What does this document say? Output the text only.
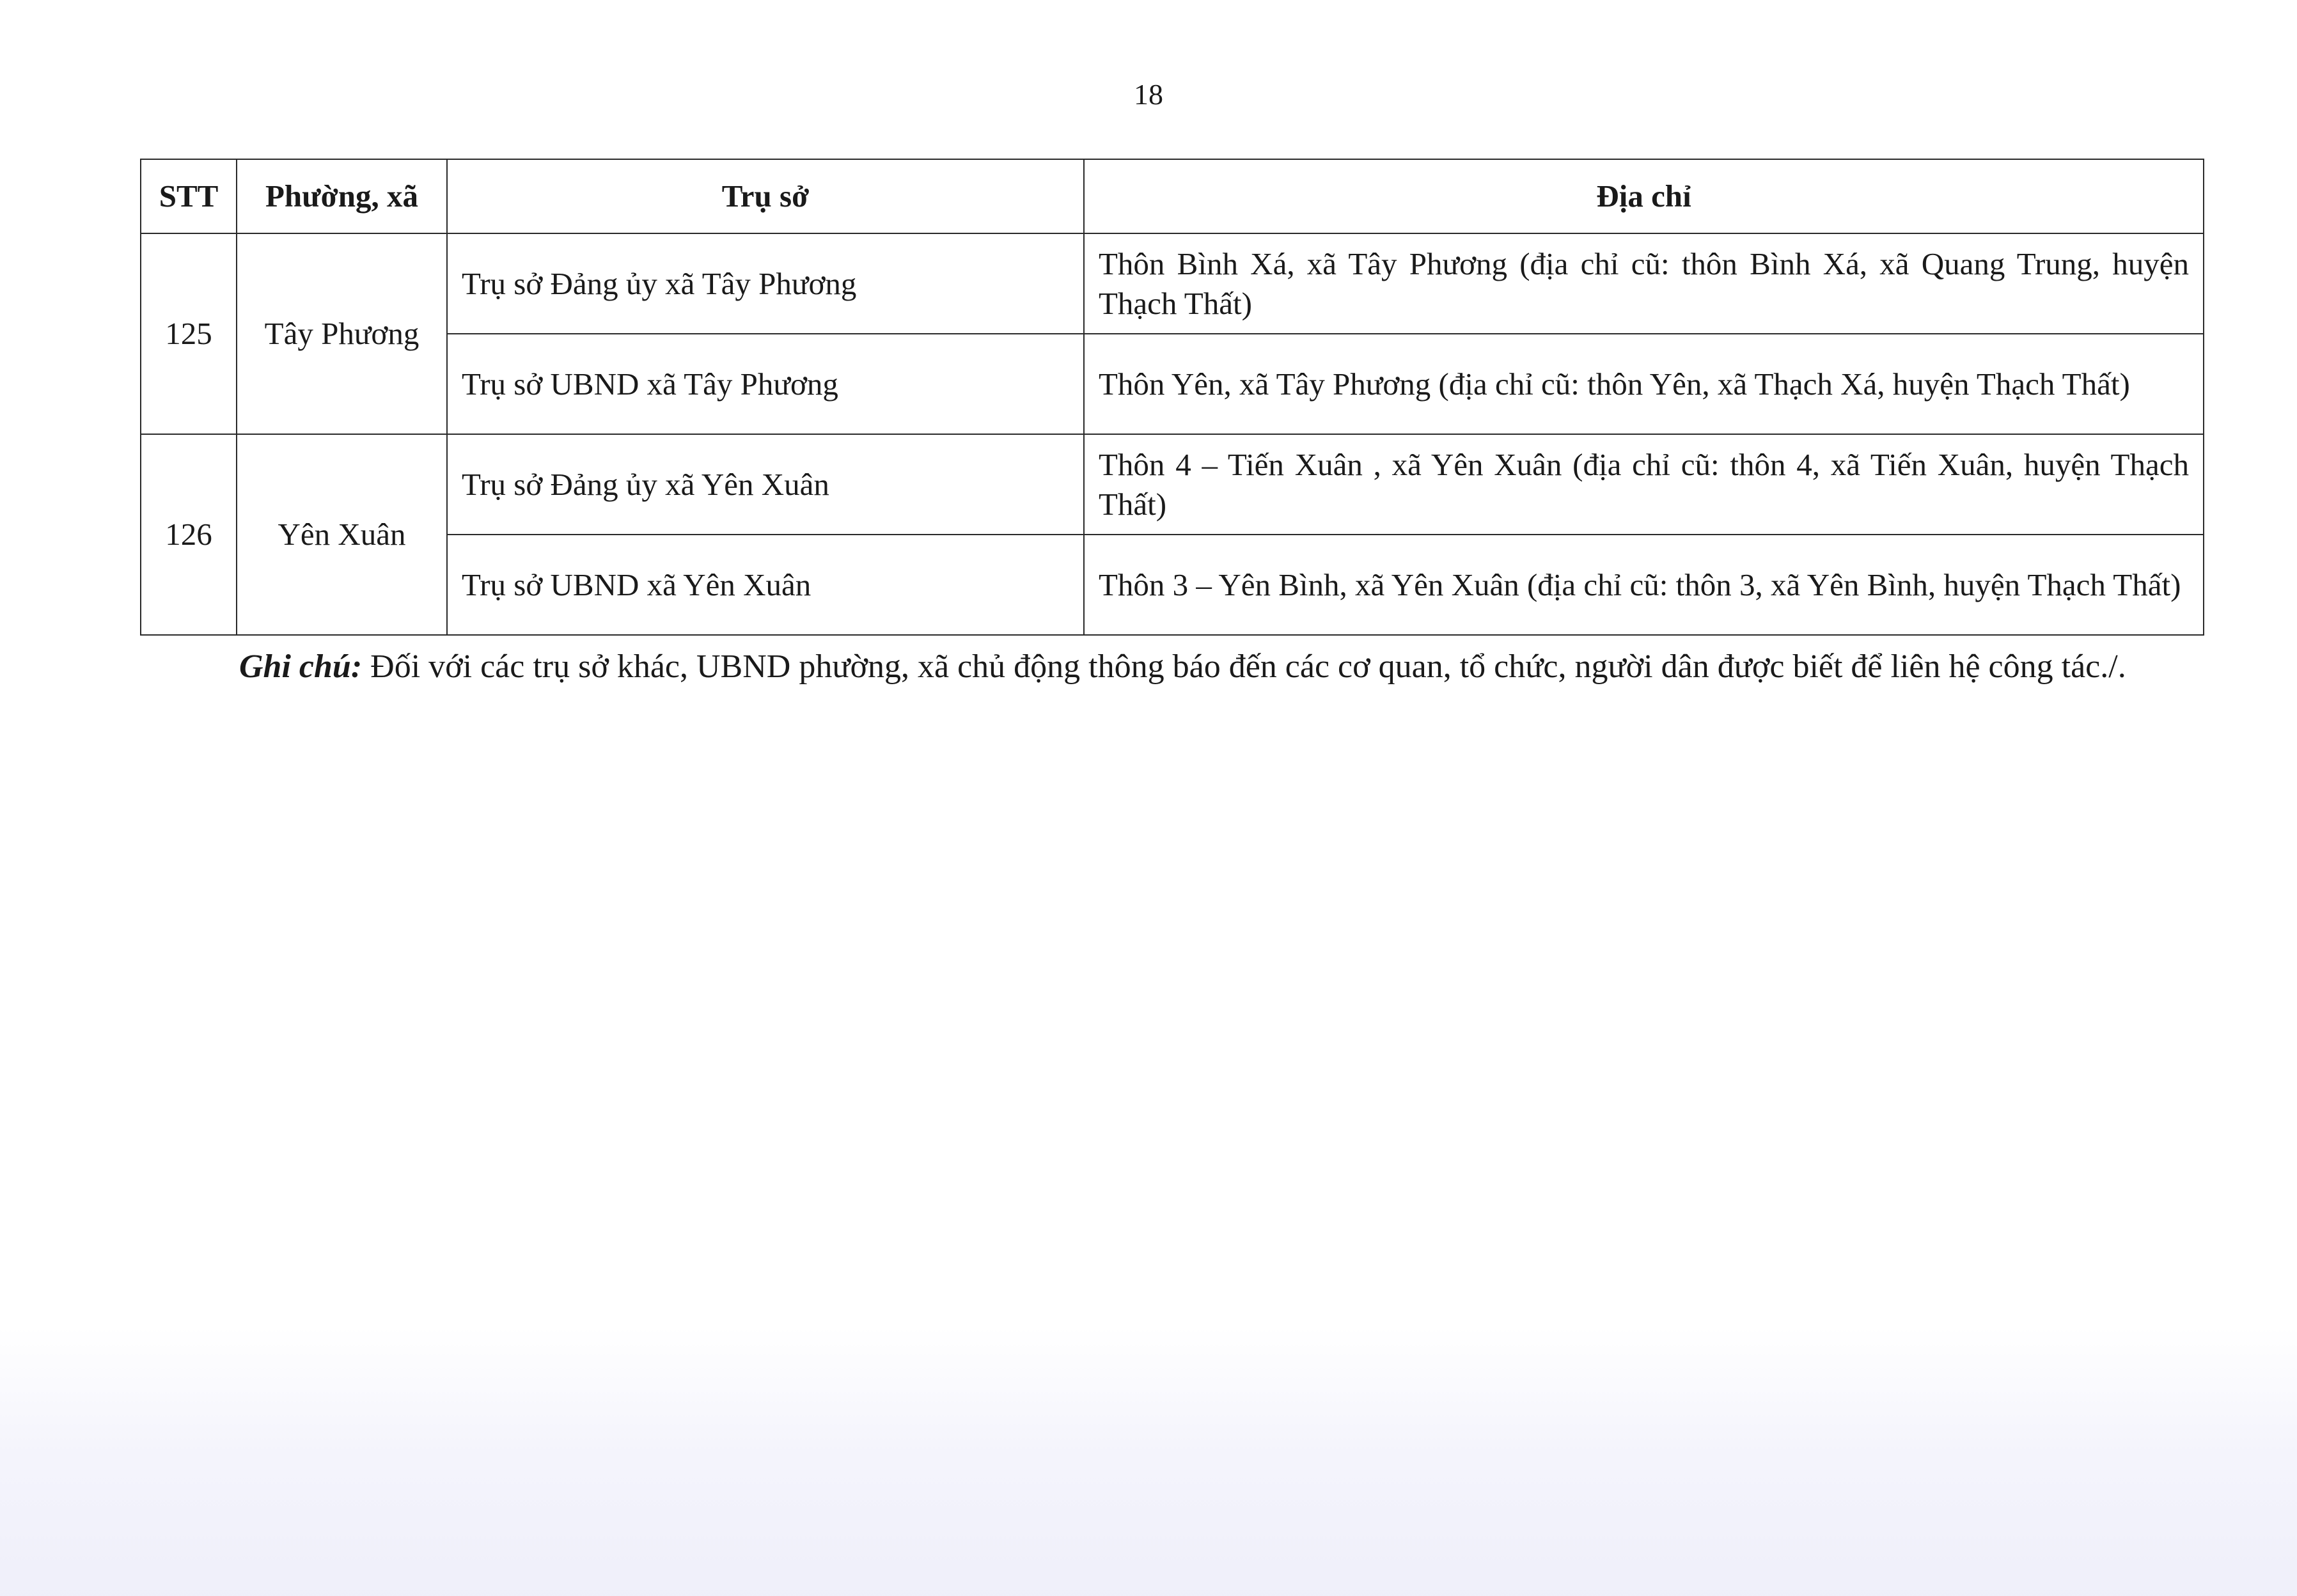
18
STT	Phường, xã	Trụ sở	Địa chỉ
125	Tây Phương	Trụ sở Đảng ủy xã Tây Phương	Thôn Bình Xá, xã Tây Phương (địa chỉ cũ: thôn Bình Xá, xã Quang Trung, huyện Thạch Thất)
		Trụ sở UBND xã Tây Phương	Thôn Yên, xã Tây Phương (địa chỉ cũ: thôn Yên, xã Thạch Xá, huyện Thạch Thất)
126	Yên Xuân	Trụ sở Đảng ủy xã Yên Xuân	Thôn 4 – Tiến Xuân , xã Yên Xuân (địa chỉ cũ: thôn 4, xã Tiến Xuân, huyện Thạch Thất)
		Trụ sở UBND xã Yên Xuân	Thôn 3 – Yên Bình, xã Yên Xuân (địa chỉ cũ: thôn 3, xã Yên Bình, huyện Thạch Thất)

Ghi chú: Đối với các trụ sở khác, UBND phường, xã chủ động thông báo đến các cơ quan, tổ chức, người dân được biết để liên hệ công tác./.
